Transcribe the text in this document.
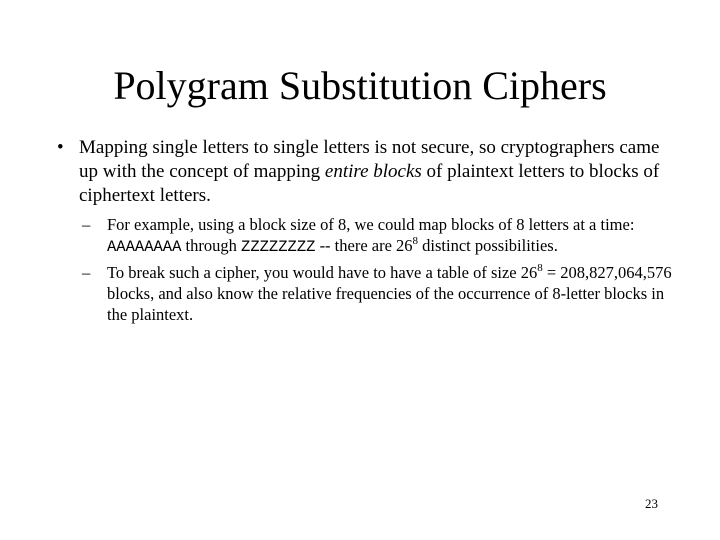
Polygram Substitution Ciphers
• Mapping single letters to single letters is not secure, so cryptographers came up with the concept of mapping entire blocks of plaintext letters to blocks of ciphertext letters.
– For example, using a block size of 8, we could map blocks of 8 letters at a time: AAAAAAAA through ZZZZZZZZ -- there are $26^8$ distinct possibilities.
– To break such a cipher, you would have to have a table of size $26^8 = 208,827,064,576$ blocks, and also know the relative frequencies of the occurrence of 8-letter blocks in the plaintext.
23
